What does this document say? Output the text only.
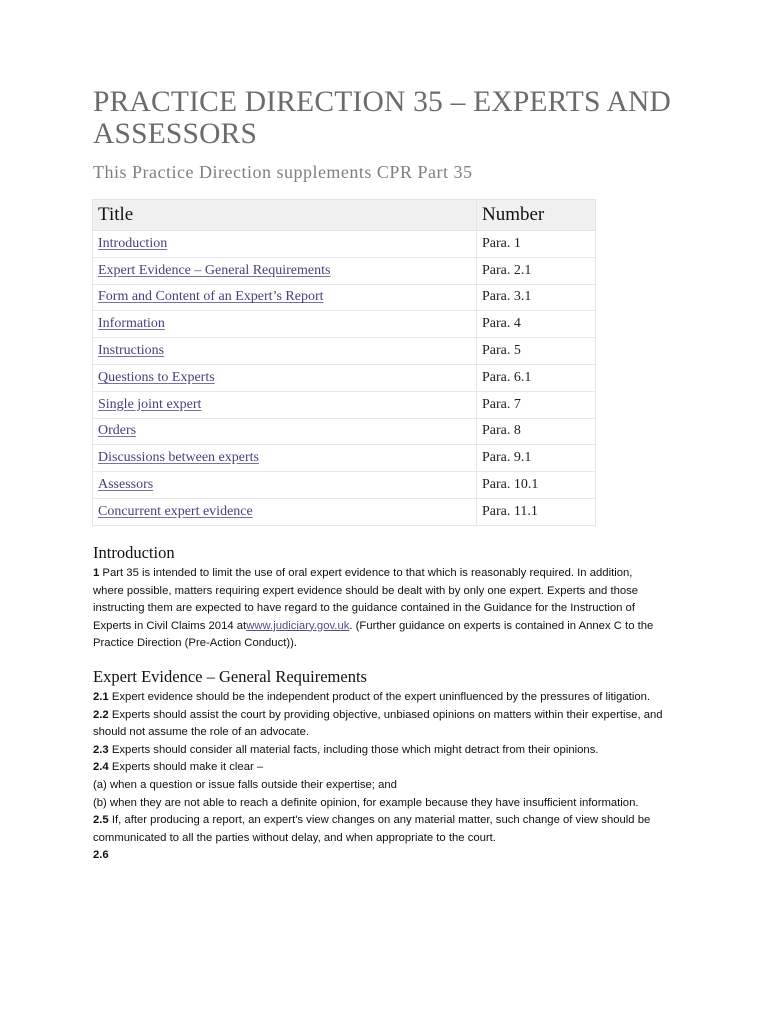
PRACTICE DIRECTION 35 – EXPERTS AND ASSESSORS
This Practice Direction supplements CPR Part 35
Title	Number
Introduction	Para. 1
Expert Evidence – General Requirements	Para. 2.1
Form and Content of an Expert’s Report	Para. 3.1
Information	Para. 4
Instructions	Para. 5
Questions to Experts	Para. 6.1
Single joint expert	Para. 7
Orders	Para. 8
Discussions between experts	Para. 9.1
Assessors	Para. 10.1
Concurrent expert evidence	Para. 11.1
Introduction

1 Part 35 is intended to limit the use of oral expert evidence to that which is reasonably required. In addition, where possible, matters requiring expert evidence should be dealt with by only one expert. Experts and those instructing them are expected to have regard to the guidance contained in the Guidance for the Instruction of Experts in Civil Claims 2014 atwww.judiciary.gov.uk. (Further guidance on experts is contained in Annex C to the Practice Direction (Pre-Action Conduct)).

Expert Evidence – General Requirements
2.1 Expert evidence should be the independent product of the expert uninfluenced by the pressures of litigation.
2.2 Experts should assist the court by providing objective, unbiased opinions on matters within their expertise, and should not assume the role of an advocate.
2.3 Experts should consider all material facts, including those which might detract from their opinions.
2.4 Experts should make it clear –
(a) when a question or issue falls outside their expertise; and
(b) when they are not able to reach a definite opinion, for example because they have insufficient information.
2.5 If, after producing a report, an expert's view changes on any material matter, such change of view should be communicated to all the parties without delay, and when appropriate to the court.
2.6
